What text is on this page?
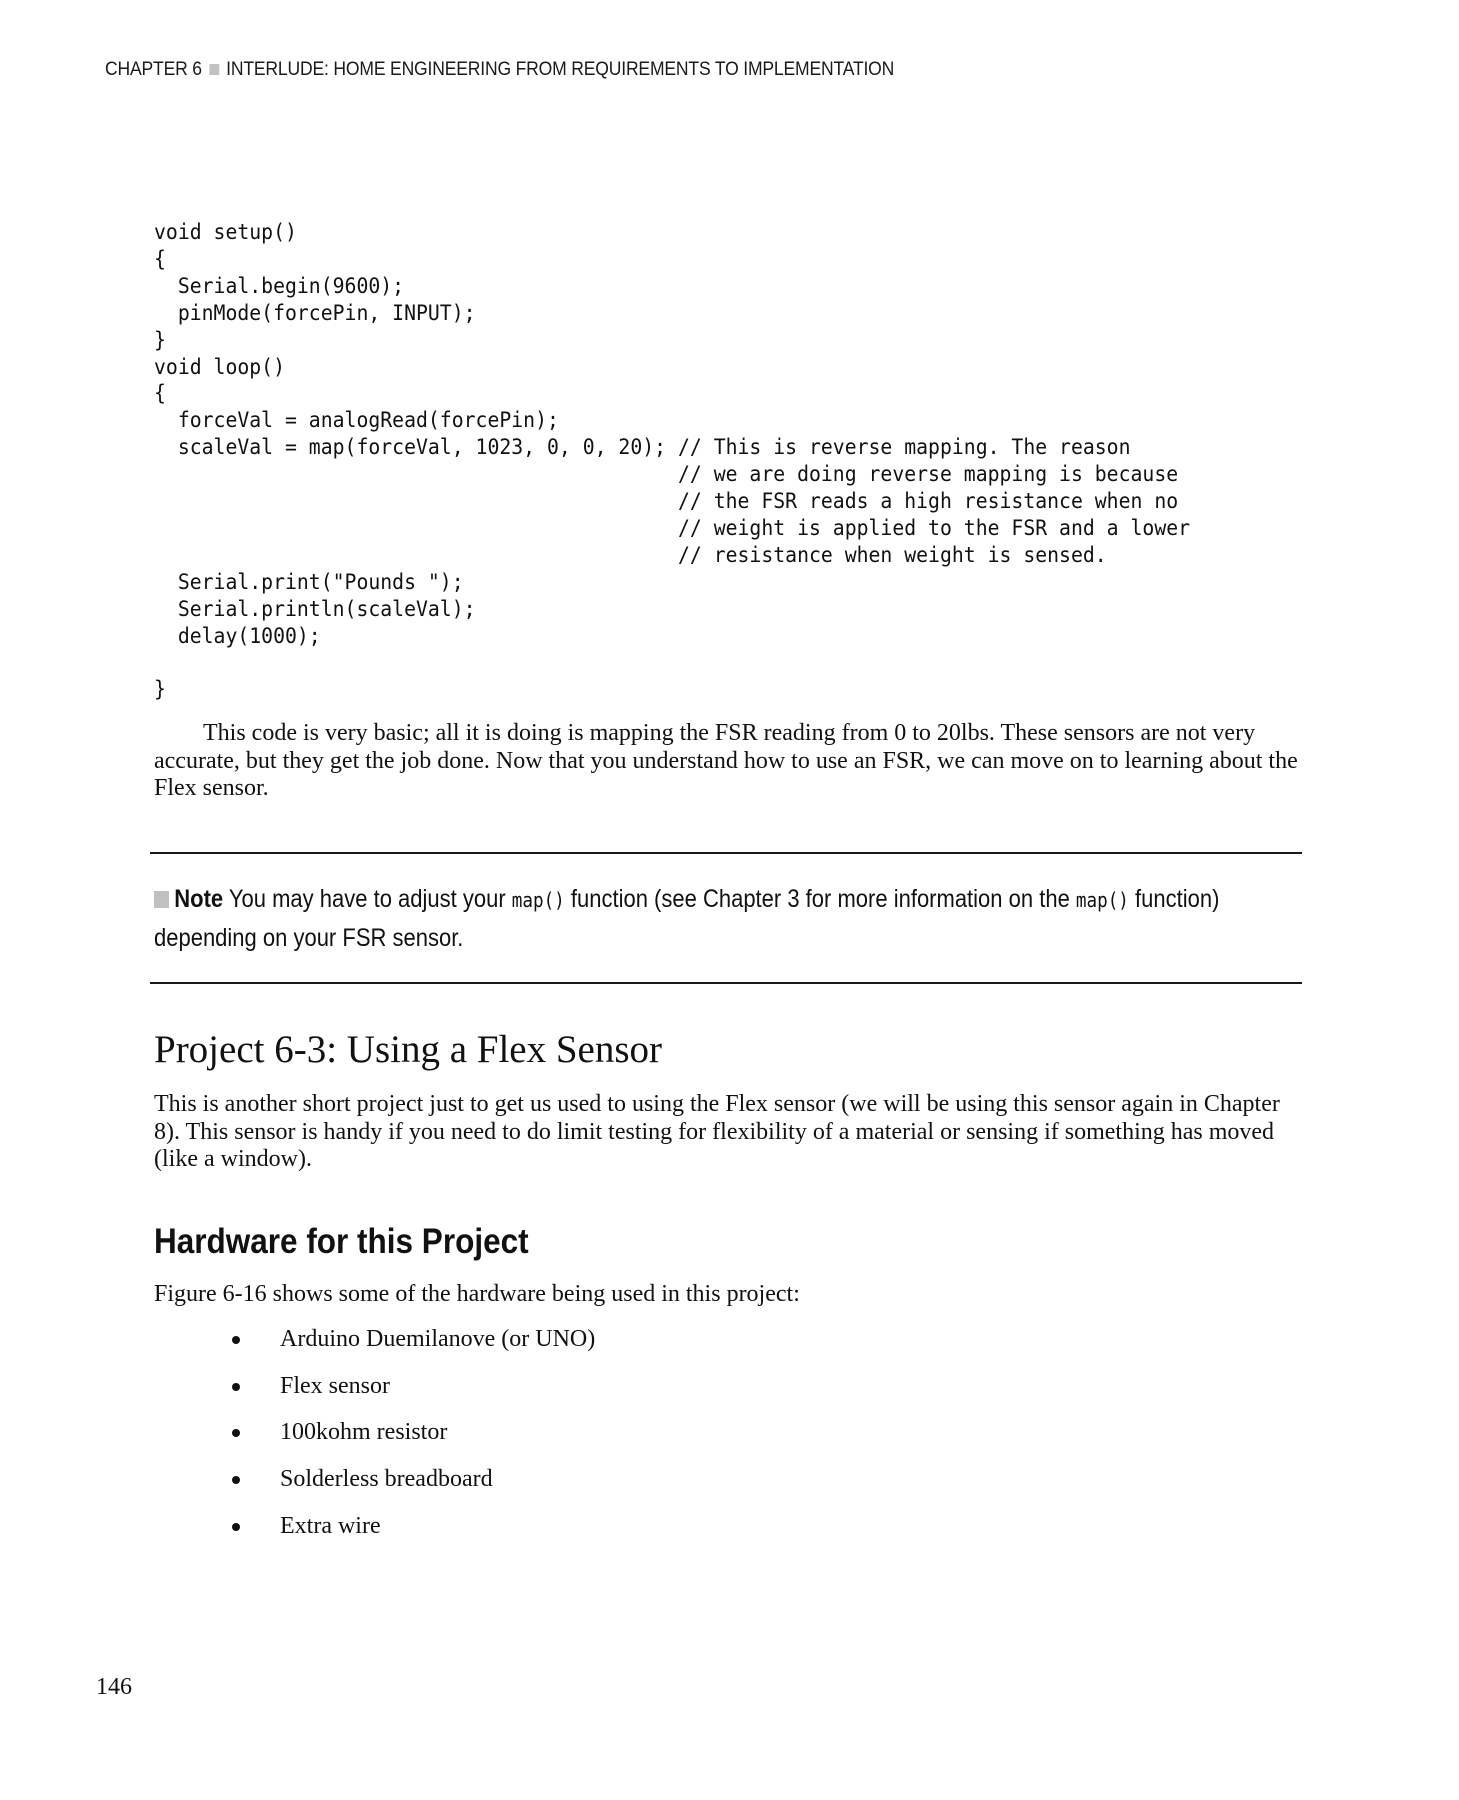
CHAPTER 6 INTERLUDE: HOME ENGINEERING FROM REQUIREMENTS TO IMPLEMENTATION
void setup()
{
Serial.begin(9600);
pinMode(forcePin, INPUT);
}
void loop()
{
forceVal = analogRead(forcePin);
scaleVal = map(forceVal, 1023, 0, 0, 20); // This is reverse mapping. The reason
// we are doing reverse mapping is because
// the FSR reads a high resistance when no
// weight is applied to the FSR and a lower
// resistance when weight is sensed.
Serial.print("Pounds ");
Serial.println(scaleVal);
delay(1000);

}

This code is very basic; all it is doing is mapping the FSR reading from 0 to 20lbs. These sensors are not very accurate, but they get the job done. Now that you understand how to use an FSR, we can move on to learning about the Flex sensor.

Note You may have to adjust your map() function (see Chapter 3 for more information on the map() function) depending on your FSR sensor.
Project 6-3: Using a Flex Sensor

This is another short project just to get us used to using the Flex sensor (we will be using this sensor again in Chapter 8). This sensor is handy if you need to do limit testing for flexibility of a material or sensing if something has moved (like a window).

Hardware for this Project

Figure 6-16 shows some of the hardware being used in this project:

Arduino Duemilanove (or UNO)
Flex sensor
100kohm resistor
Solderless breadboard
Extra wire
146
